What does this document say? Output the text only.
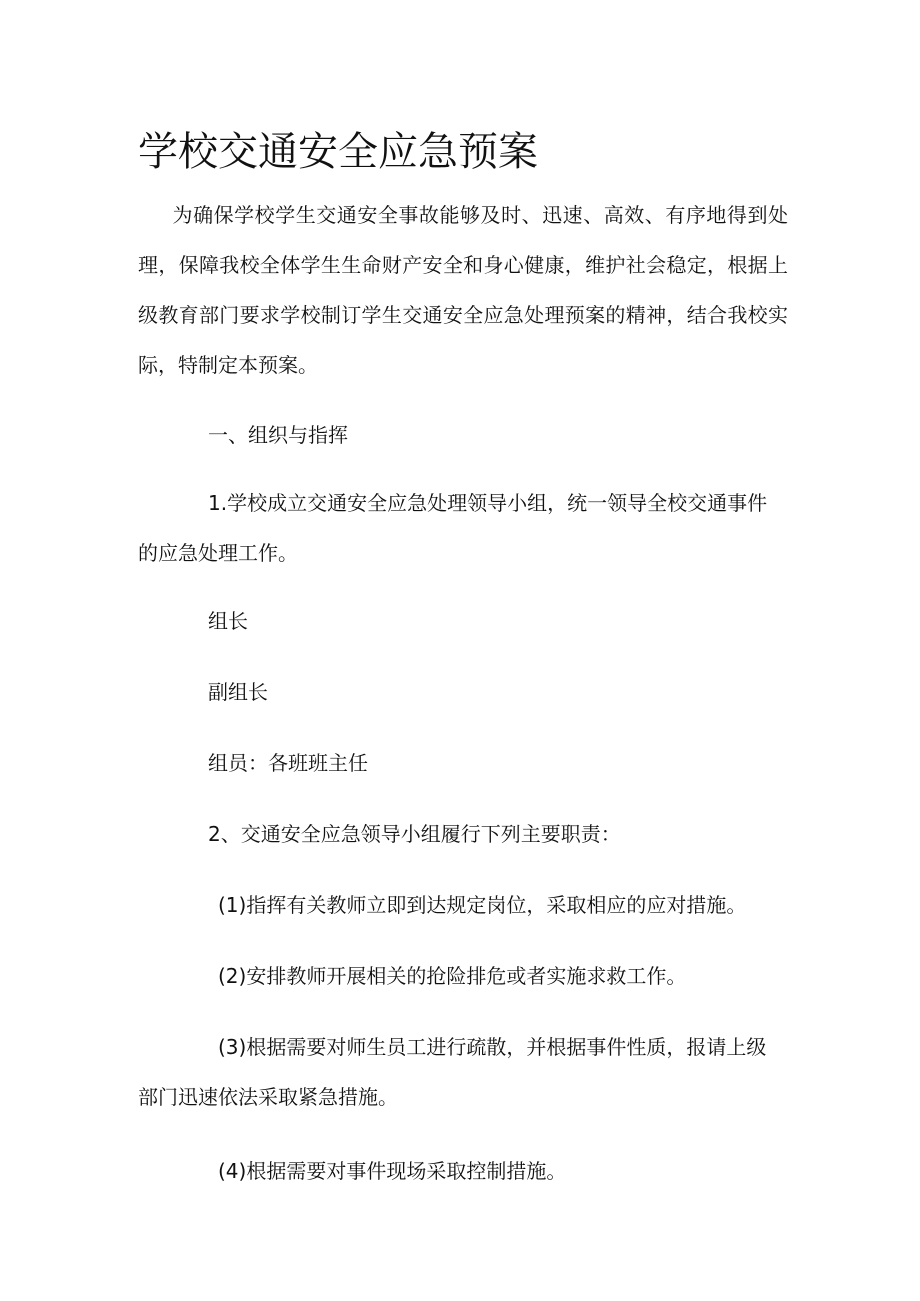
学校交通安全应急预案
为确保学校学生交通安全事故能够及时、迅速、高效、有序地得到处理，保障我校全体学生生命财产安全和身心健康，维护社会稳定，根据上级教育部门要求学校制订学生交通安全应急处理预案的精神，结合我校实际，特制定本预案。
一、组织与指挥
1.学校成立交通安全应急处理领导小组，统一领导全校交通事件
的应急处理工作。
组长
副组长
组员：各班班主任
2、交通安全应急领导小组履行下列主要职责：
(1)指挥有关教师立即到达规定岗位，采取相应的应对措施。
(2)安排教师开展相关的抢险排危或者实施求救工作。
(3)根据需要对师生员工进行疏散，并根据事件性质，报请上级
部门迅速依法采取紧急措施。
(4)根据需要对事件现场采取控制措施。
